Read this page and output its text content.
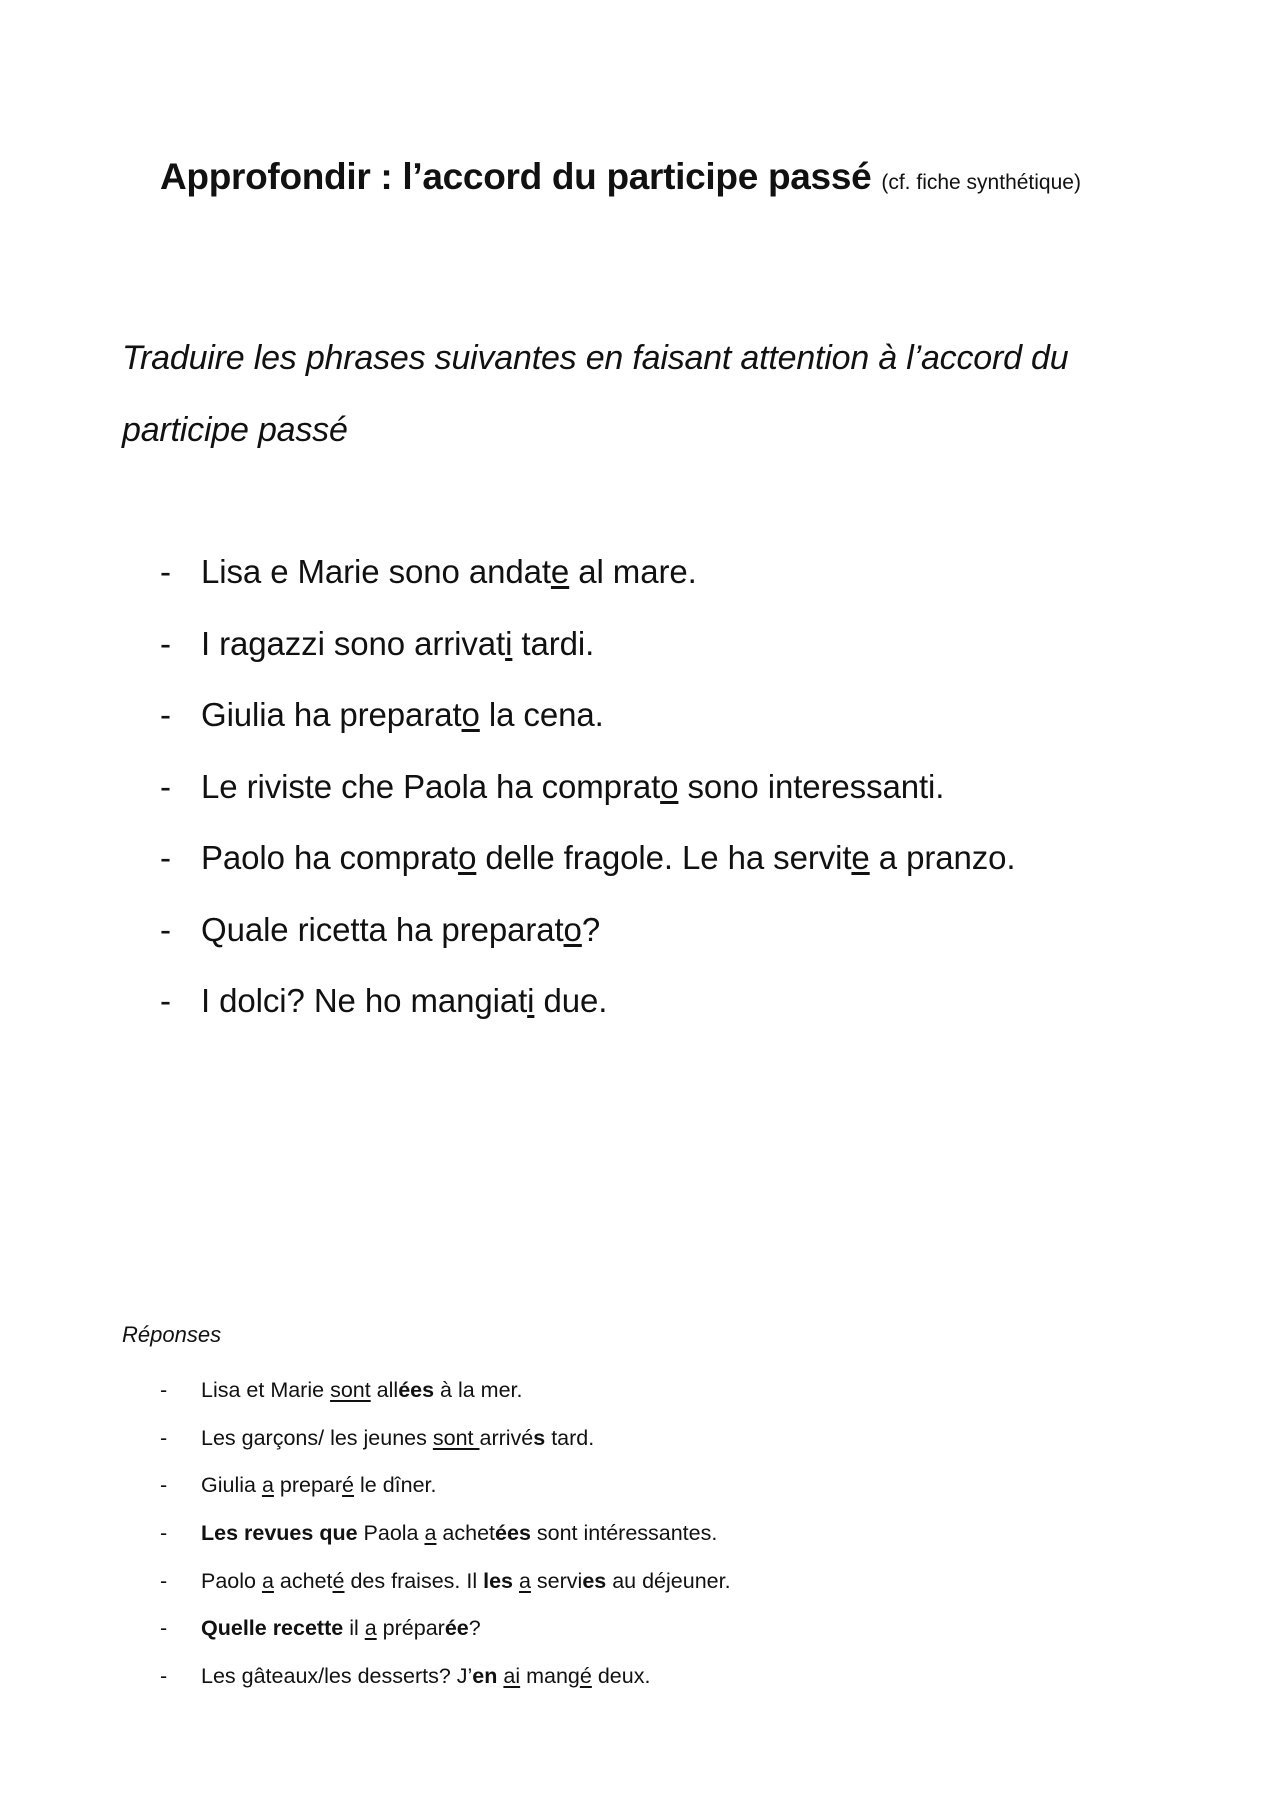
Approfondir : l’accord du participe passé (cf. fiche synthétique)
Traduire les phrases suivantes en faisant attention à l’accord du participe passé
- Lisa e Marie sono andate al mare.
- I ragazzi sono arrivati tardi.
- Giulia ha preparato la cena.
- Le riviste che Paola ha comprato sono interessanti.
- Paolo ha comprato delle fragole. Le ha servite a pranzo.
- Quale ricetta ha preparato?
- I dolci? Ne ho mangiati due.
Réponses
- Lisa et Marie sont allées à la mer.
- Les garçons/ les jeunes sont arrivés tard.
- Giulia a preparé le dîner.
- Les revues que Paola a achetées sont intéressantes.
- Paolo a acheté des fraises. Il les a servies au déjeuner.
- Quelle recette il a préparée?
- Les gâteaux/les desserts? J’en ai mangé deux.
